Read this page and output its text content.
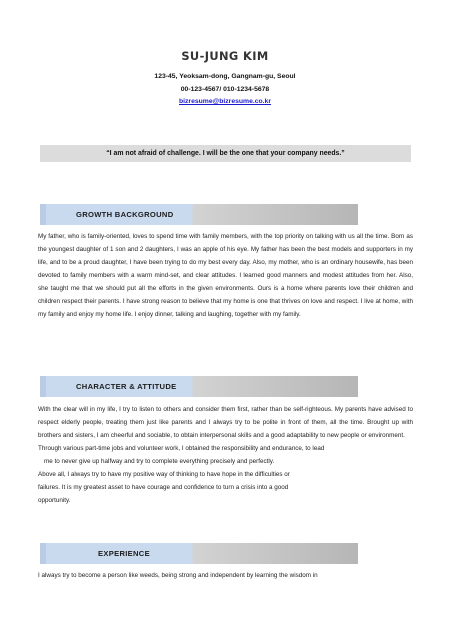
SU-JUNG KIM

123-45, Yeoksam-dong, Gangnam-gu, Seoul

00-123-4567/ 010-1234-5678

bizresume@bizresume.co.kr

“I am not afraid of challenge. I will be the one that your company needs.”
GROWTH BACKGROUND

My father, who is family-oriented, loves to spend time with family members, with the top priority on talking with us all the time. Born as the youngest daughter of 1 son and 2 daughters, I was an apple of his eye. My father has been the best models and supporters in my life, and to be a proud daughter, I have been trying to do my best every day. Also, my mother, who is an ordinary housewife, has been devoted to family members with a warm mind-set, and clear attitudes. I learned good manners and modest attitudes from her. Also, she taught me that we should put all the efforts in the given environments. Ours is a home where parents love their children and children respect their parents. I have strong reason to believe that my home is one that thrives on love and respect. I live at home, with my family and enjoy my home life. I enjoy dinner, talking and laughing, together with my family.

CHARACTER & ATTITUDE

With the clear will in my life, I try to listen to others and consider them first, rather than be self-righteous. My parents have advised to respect elderly people, treating them just like parents and I always try to be polite in front of them, all the time. Brought up with brothers and sisters, I am cheerful and sociable, to obtain interpersonal skills and a good adaptability to new people or environment.

Through various part-time jobs and volunteer work, I obtained the responsibility and endurance, to lead

me to never give up halfway and try to complete everything precisely and perfectly.

Above all, I always try to have my positive way of thinking to have hope in the difficulties or

failures. It is my greatest asset to have courage and confidence to turn a crisis into a good

opportunity.

EXPERIENCE

I always try to become a person like weeds, being strong and independent by learning the wisdom in
